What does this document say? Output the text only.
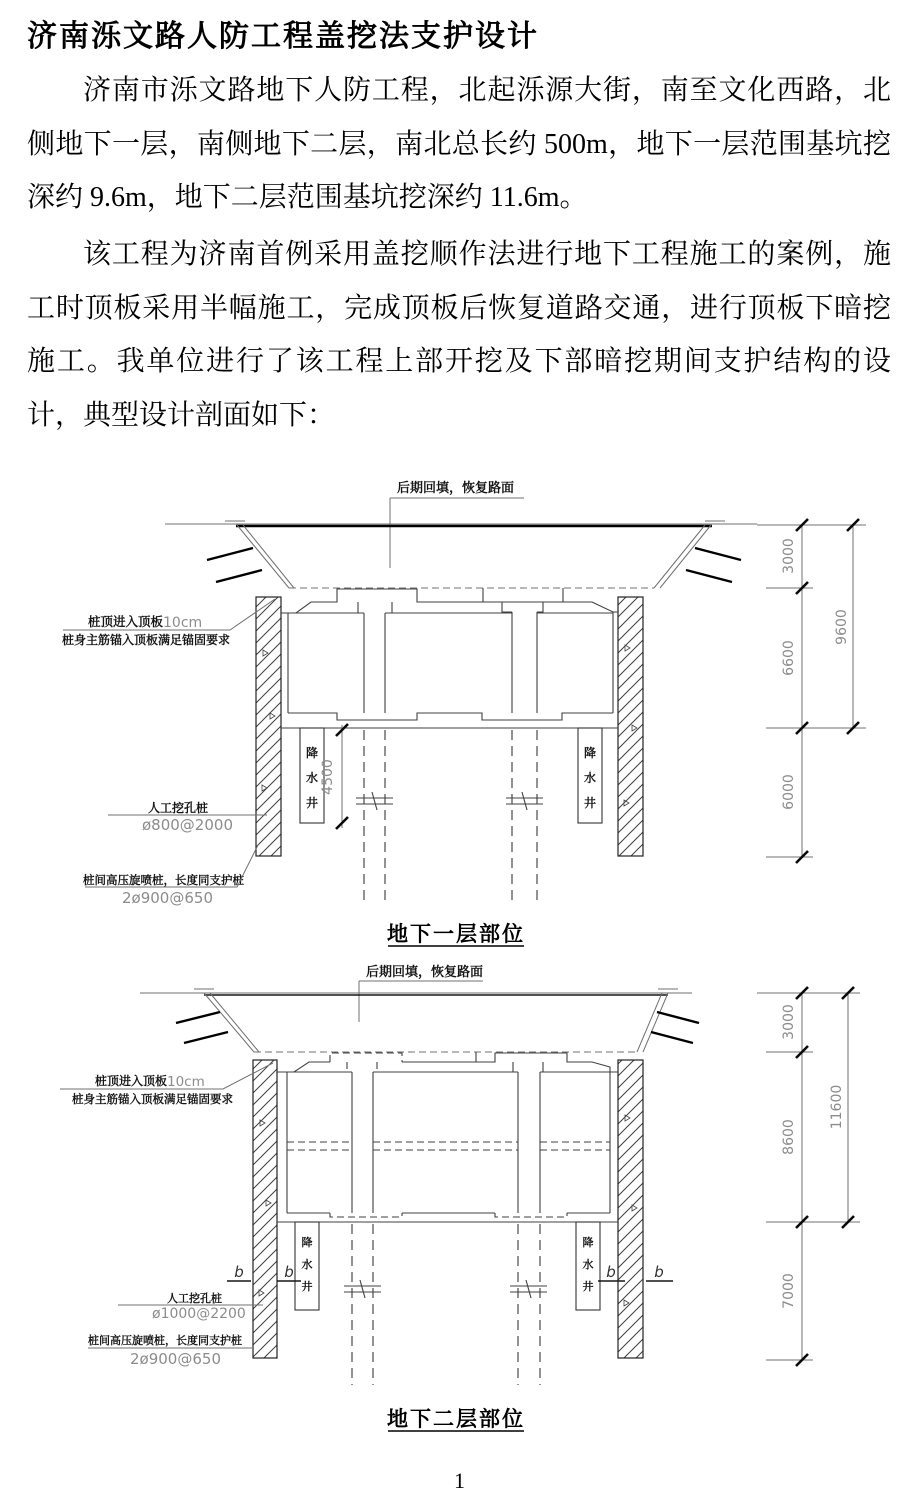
济南泺文路人防工程盖挖法支护设计

济南市泺文路地下人防工程，北起泺源大街，南至文化西路，北侧地下一层，南侧地下二层，南北总长约 500m，地下一层范围基坑挖深约 9.6m，地下二层范围基坑挖深约 11.6m。

该工程为济南首例采用盖挖顺作法进行地下工程施工的案例，施工时顶板采用半幅施工，完成顶板后恢复道路交通，进行顶板下暗挖施工。我单位进行了该工程上部开挖及下部暗挖期间支护结构的设计，典型设计剖面如下：

后期回填，恢复路面
降
水
井
降
水
井
4500
桩顶进入顶板 10cm
桩身主筋锚入顶板满足锚固要求
人工挖孔桩
ø800@2000
桩间高压旋喷桩，长度同支护桩
2ø900@650
3000
6600
6000
9600
地下一层部位
后期回填，恢复路面
降
水
井
降
水
井
b	b	b	b
桩顶进入顶板 10cm
桩身主筋锚入顶板满足锚固要求
人工挖孔桩
ø1000@2200
桩间高压旋喷桩，长度同支护桩
2ø900@650
3000
8600
7000
11600
地下二层部位
1
